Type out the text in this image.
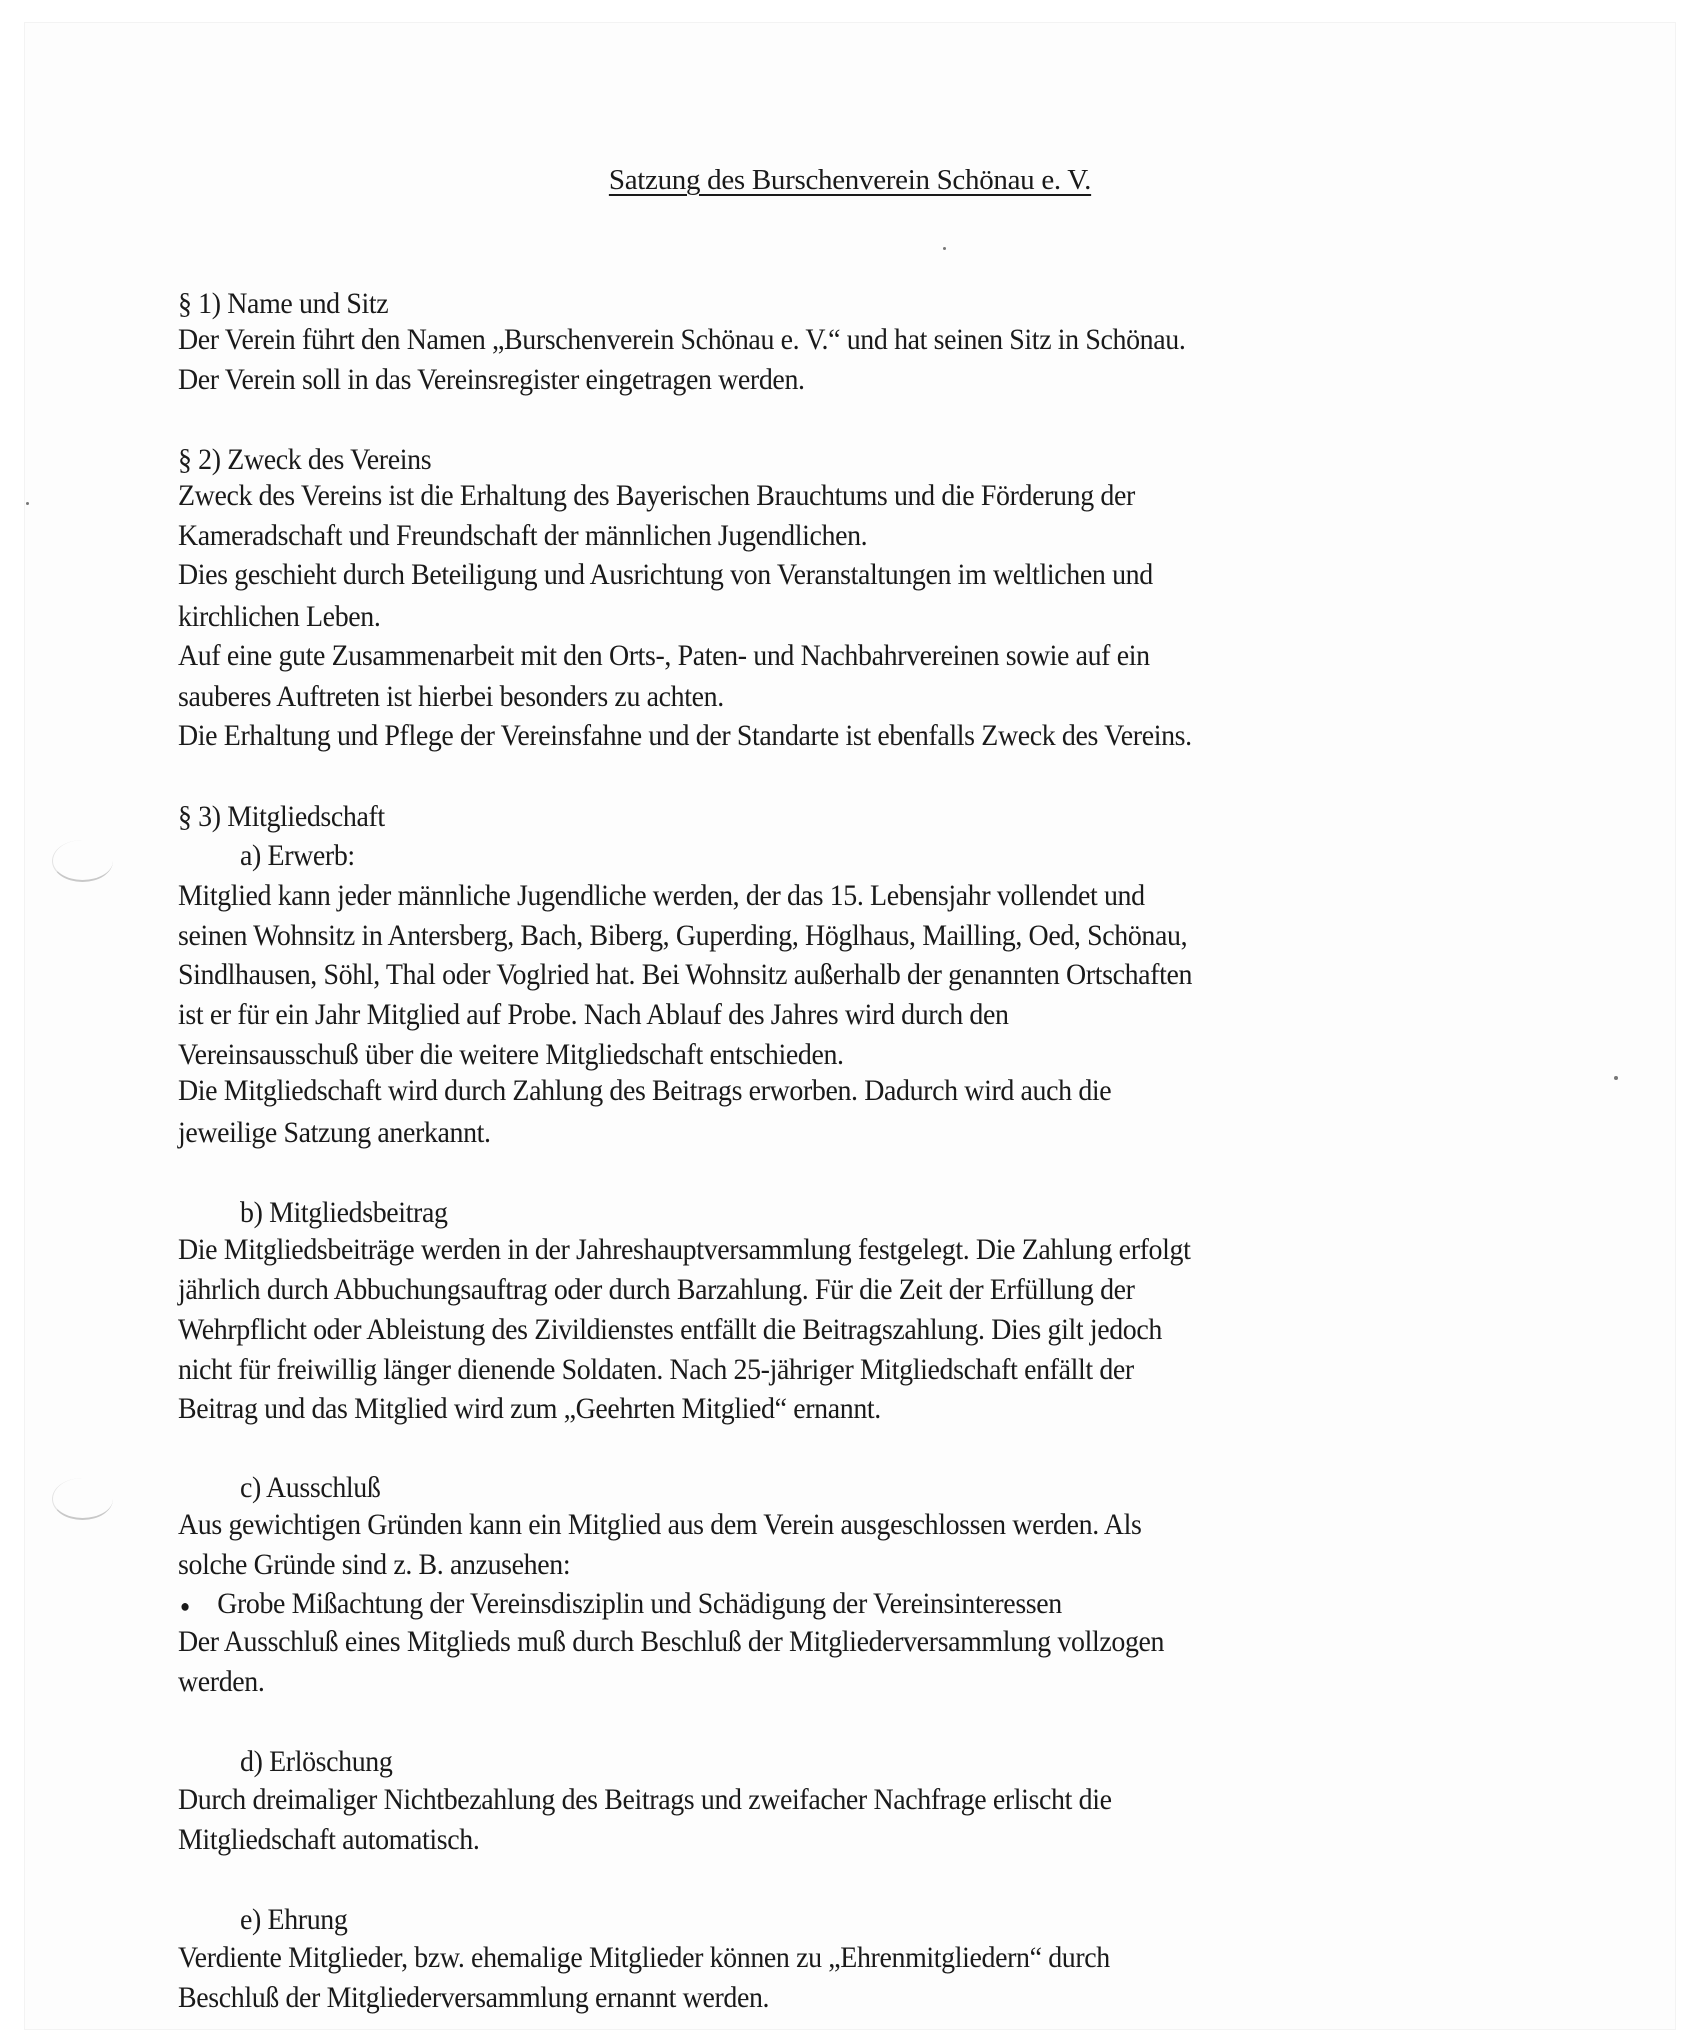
Satzung des Burschenverein Schönau e. V.
§ 1) Name und Sitz
Der Verein führt den Namen „Burschenverein Schönau e. V.“ und hat seinen Sitz in Schönau.
Der Verein soll in das Vereinsregister eingetragen werden.
§ 2) Zweck des Vereins
Zweck des Vereins ist die Erhaltung des Bayerischen Brauchtums und die Förderung der
Kameradschaft und Freundschaft der männlichen Jugendlichen.
Dies geschieht durch Beteiligung und Ausrichtung von Veranstaltungen im weltlichen und
kirchlichen Leben.
Auf eine gute Zusammenarbeit mit den Orts-, Paten- und Nachbahrvereinen sowie auf ein
sauberes Auftreten ist hierbei besonders zu achten.
Die Erhaltung und Pflege der Vereinsfahne und der Standarte ist ebenfalls Zweck des Vereins.
§ 3) Mitgliedschaft
a) Erwerb:
Mitglied kann jeder männliche Jugendliche werden, der das 15. Lebensjahr vollendet und
seinen Wohnsitz in Antersberg, Bach, Biberg, Guperding, Höglhaus, Mailling, Oed, Schönau,
Sindlhausen, Söhl, Thal oder Voglried hat. Bei Wohnsitz außerhalb der genannten Ortschaften
ist er für ein Jahr Mitglied auf Probe. Nach Ablauf des Jahres wird durch den
Vereinsausschuß über die weitere Mitgliedschaft entschieden.
Die Mitgliedschaft wird durch Zahlung des Beitrags erworben. Dadurch wird auch die
jeweilige Satzung anerkannt.
b) Mitgliedsbeitrag
Die Mitgliedsbeiträge werden in der Jahreshauptversammlung festgelegt. Die Zahlung erfolgt
jährlich durch Abbuchungsauftrag oder durch Barzahlung. Für die Zeit der Erfüllung der
Wehrpflicht oder Ableistung des Zivildienstes entfällt die Beitragszahlung. Dies gilt jedoch
nicht für freiwillig länger dienende Soldaten. Nach 25-jähriger Mitgliedschaft enfällt der
Beitrag und das Mitglied wird zum „Geehrten Mitglied“ ernannt.
c) Ausschluß
Aus gewichtigen Gründen kann ein Mitglied aus dem Verein ausgeschlossen werden. Als
solche Gründe sind z. B. anzusehen:
● Grobe Mißachtung der Vereinsdisziplin und Schädigung der Vereinsinteressen
Der Ausschluß eines Mitglieds muß durch Beschluß der Mitgliederversammlung vollzogen
werden.
d) Erlöschung
Durch dreimaliger Nichtbezahlung des Beitrags und zweifacher Nachfrage erlischt die
Mitgliedschaft automatisch.
e) Ehrung
Verdiente Mitglieder, bzw. ehemalige Mitglieder können zu „Ehrenmitgliedern“ durch
Beschluß der Mitgliederversammlung ernannt werden.
